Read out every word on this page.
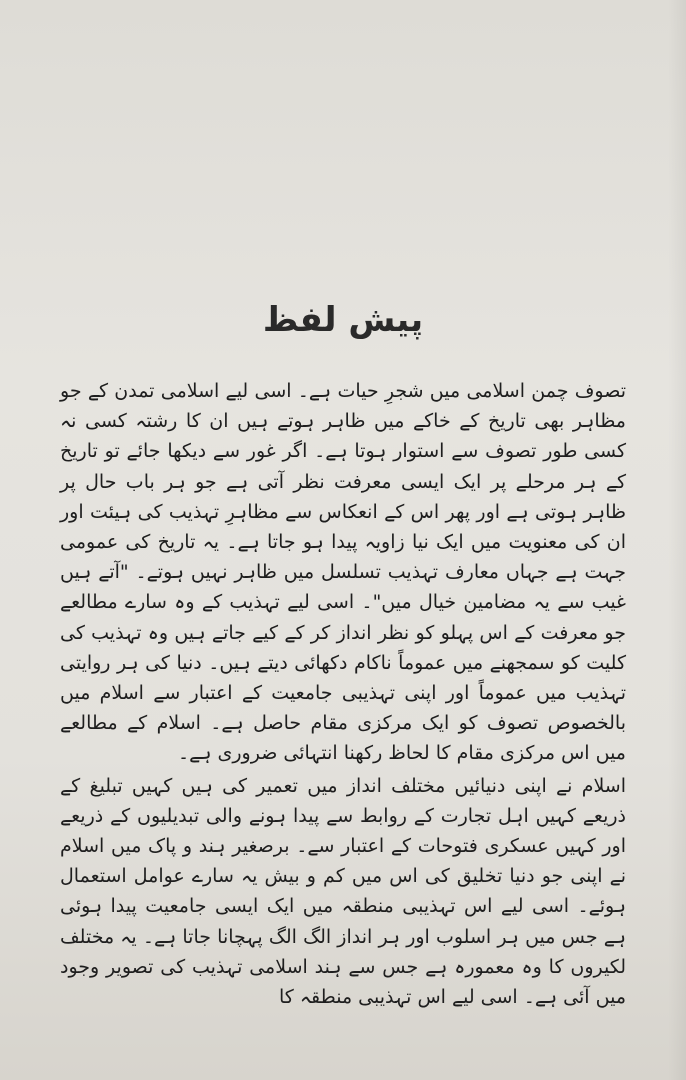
پیش لفظ

تصوف چمن اسلامی میں شجرِ حیات ہے۔ اسی لیے اسلامی تمدن کے جو مظاہر بھی تاریخ کے خاکے میں ظاہر ہوتے ہیں ان کا رشتہ کسی نہ کسی طور تصوف سے استوار ہوتا ہے۔ اگر غور سے دیکھا جائے تو تاریخ کے ہر مرحلے پر ایک ایسی معرفت نظر آتی ہے جو ہر باب حال پر ظاہر ہوتی ہے اور پھر اس کے انعکاس سے مظاہرِ تہذیب کی ہیئت اور ان کی معنویت میں ایک نیا زاویہ پیدا ہو جاتا ہے۔ یہ تاریخ کی عمومی جہت ہے جہاں معارف تہذیب تسلسل میں ظاہر نہیں ہوتے۔ "آتے ہیں غیب سے یہ مضامین خیال میں"۔ اسی لیے تہذیب کے وہ سارے مطالعے جو معرفت کے اس پہلو کو نظر انداز کر کے کیے جاتے ہیں وہ تہذیب کی کلیت کو سمجھنے میں عموماً ناکام دکھائی دیتے ہیں۔ دنیا کی ہر روایتی تہذیب میں عموماً اور اپنی تہذیبی جامعیت کے اعتبار سے اسلام میں بالخصوص تصوف کو ایک مرکزی مقام حاصل ہے۔ اسلام کے مطالعے میں اس مرکزی مقام کا لحاظ رکھنا انتہائی ضروری ہے۔

اسلام نے اپنی دنیائیں مختلف انداز میں تعمیر کی ہیں کہیں تبلیغ کے ذریعے کہیں اہل تجارت کے روابط سے پیدا ہونے والی تبدیلیوں کے ذریعے اور کہیں عسکری فتوحات کے اعتبار سے۔ برصغیر ہند و پاک میں اسلام نے اپنی جو دنیا تخلیق کی اس میں کم و بیش یہ سارے عوامل استعمال ہوئے۔ اسی لیے اس تہذیبی منطقہ میں ایک ایسی جامعیت پیدا ہوئی ہے جس میں ہر اسلوب اور ہر انداز الگ الگ پہچانا جاتا ہے۔ یہ مختلف لکیروں کا وہ معمورہ ہے جس سے ہند اسلامی تہذیب کی تصویر وجود میں آئی ہے۔ اسی لیے اس تہذیبی منطقہ کا
